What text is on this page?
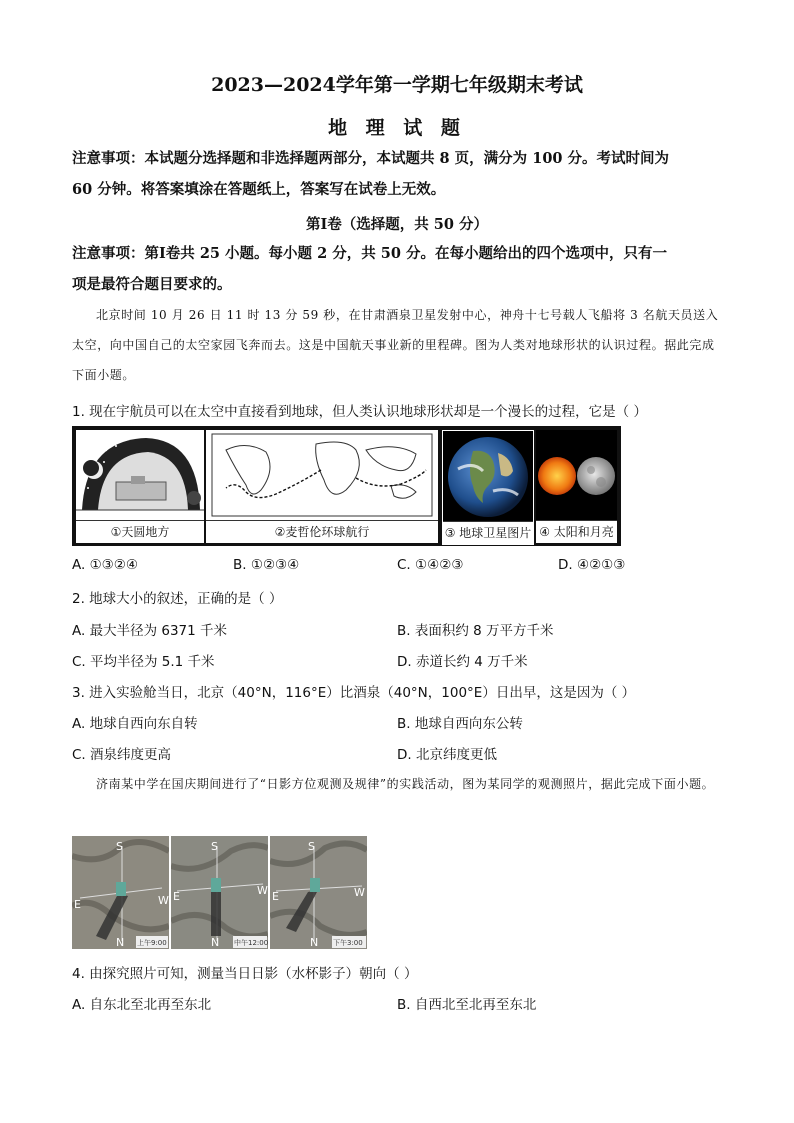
2023—2024学年第一学期七年级期末考试
地 理 试 题
注意事项：本试题分选择题和非选择题两部分，本试题共 8 页，满分为 100 分。考试时间为
60 分钟。将答案填涂在答题纸上，答案写在试卷上无效。
第Ⅰ卷（选择题，共 50 分）
注意事项：第Ⅰ卷共 25 小题。每小题 2 分，共 50 分。在每小题给出的四个选项中，只有一
项是最符合题目要求的。
北京时间 10 月 26 日 11 时 13 分 59 秒，在甘肃酒泉卫星发射中心，神舟十七号载人飞船将 3 名航天员送入太空，向中国自己的太空家园飞奔而去。这是中国航天事业新的里程碑。图为人类对地球形状的认识过程。据此完成下面小题。
1. 现在宇航员可以在太空中直接看到地球，但人类认识地球形状却是一个漫长的过程，它是（ ）
①天圆地方	②麦哲伦环球航行	③ 地球卫星图片 ④ 太阳和月亮
A. ①③②④	B. ①②③④	C. ①④②③	D. ④②①③
2. 地球大小的叙述，正确的是（ ）
A. 最大半径为 6371 千米	B. 表面积约 8 万平方千米
C. 平均半径为 5.1 千米	D. 赤道长约 4 万千米
3. 进入实验舱当日，北京（40°N，116°E）比酒泉（40°N，100°E）日出早，这是因为（ ）
A. 地球自西向东自转	B. 地球自西向东公转
C. 酒泉纬度更高	D. 北京纬度更低
济南某中学在国庆期间进行了“日影方位观测及规律”的实践活动，图为某同学的观测照片，据此完成下面小题。
S
E	W
N 上午9:00
S
E	W
N 中午12:00
S
E	W
N 下午3:00
4. 由探究照片可知，测量当日日影（水杯影子）朝向（ ）
A. 自东北至北再至东北	B. 自西北至北再至东北
